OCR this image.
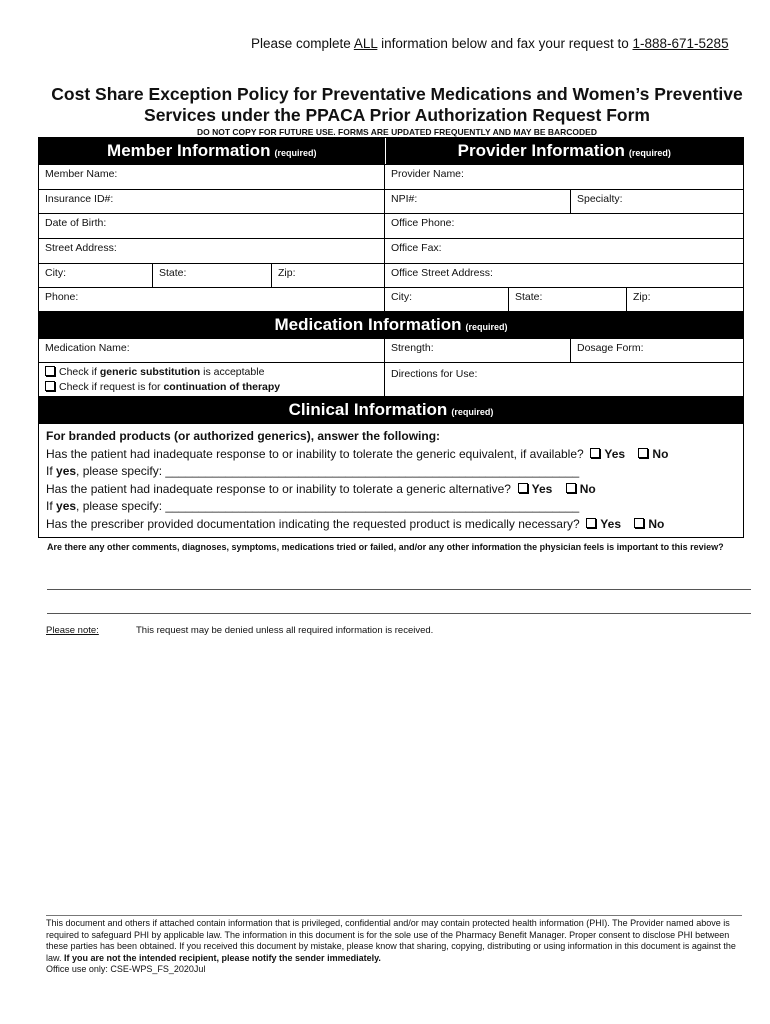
Please complete ALL information below and fax your request to 1-888-671-5285
Cost Share Exception Policy for Preventative Medications and Women’s Preventive
Services under the PPACA Prior Authorization Request Form
DO NOT COPY FOR FUTURE USE. FORMS ARE UPDATED FREQUENTLY AND MAY BE BARCODED
Member Information (required)	Provider Information (required)
Member Name:	Provider Name:
Insurance ID#:	NPI#:	Specialty:
Date of Birth:	Office Phone:
Street Address:	Office Fax:
City:	State:	Zip:	Office Street Address:
Phone:	City:	State:	Zip:
Medication Information (required)
Medication Name:	Strength:	Dosage Form:
Check if generic substitution is acceptable
Check if request is for continuation of therapy
Directions for Use:
Clinical Information (required)
For branded products (or authorized generics), answer the following:
Has the patient had inadequate response to or inability to tolerate the generic equivalent, if available? Yes No
If yes, please specify: ______________________________________________________________
Has the patient had inadequate response to or inability to tolerate a generic alternative? Yes No
If yes, please specify: ______________________________________________________________
Has the prescriber provided documentation indicating the requested product is medically necessary? Yes No
Are there any other comments, diagnoses, symptoms, medications tried or failed, and/or any other information the physician feels is important to this review?
Please note:	This request may be denied unless all required information is received.
This document and others if attached contain information that is privileged, confidential and/or may contain protected health information (PHI). The Provider named above is required to safeguard PHI by applicable law. The information in this document is for the sole use of the Pharmacy Benefit Manager. Proper consent to disclose PHI between these parties has been obtained. If you received this document by mistake, please know that sharing, copying, distributing or using information in this document is against the law. If you are not the intended recipient, please notify the sender immediately.
Office use only: CSE-WPS_FS_2020Jul
